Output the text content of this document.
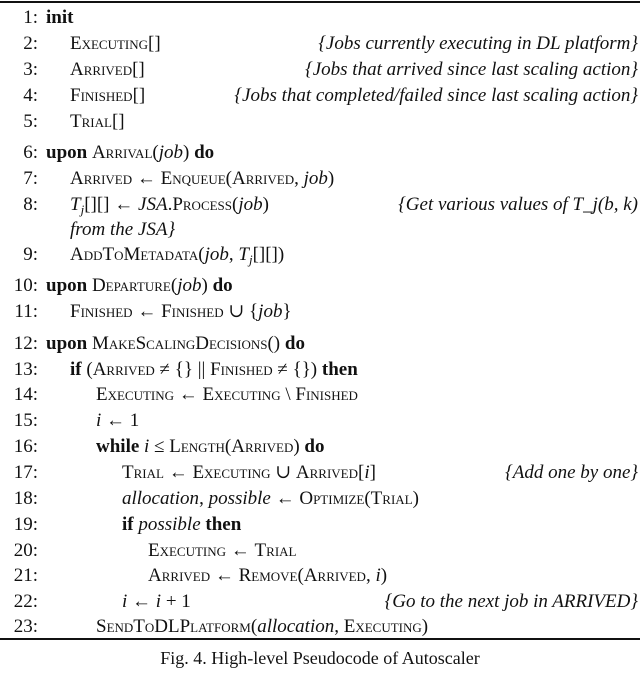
1: init
2: Executing[]	{Jobs currently executing in DL platform}
3: Arrived[]	{Jobs that arrived since last scaling action}
4: Finished[]	{Jobs that completed/failed since last scaling action}
5: Trial[]
6: upon Arrival(job) do
7: Arrived ← Enqueue(Arrived, job)
8: $T_j[][]$ ← JSA.Process(job)	{Get various values of T_j(b, k)
from the JSA}
9: AddToMetadata(job, $T_j[][]$)
10: upon Departure(job) do
11: Finished ← Finished ∪ {job}
12: upon MakeScalingDecisions() do
13: if (Arrived ≠ {} || Finished ≠ {}) then
14:	Executing ← Executing \ Finished
15:	i ← 1
16:	while i ≤ Length(Arrived) do
17:	Trial ← Executing ∪ Arrived[i]	{Add one by one}
18:	allocation, possible ← Optimize(Trial)
19:	if possible then
20:	Executing ← Trial
21:	Arrived ← Remove(Arrived, i)
22:	i ← i + 1	{Go to the next job in ARRIVED}
23:	SendToDLPlatform(allocation, Executing)
Fig. 4. High-level Pseudocode of Autoscaler
